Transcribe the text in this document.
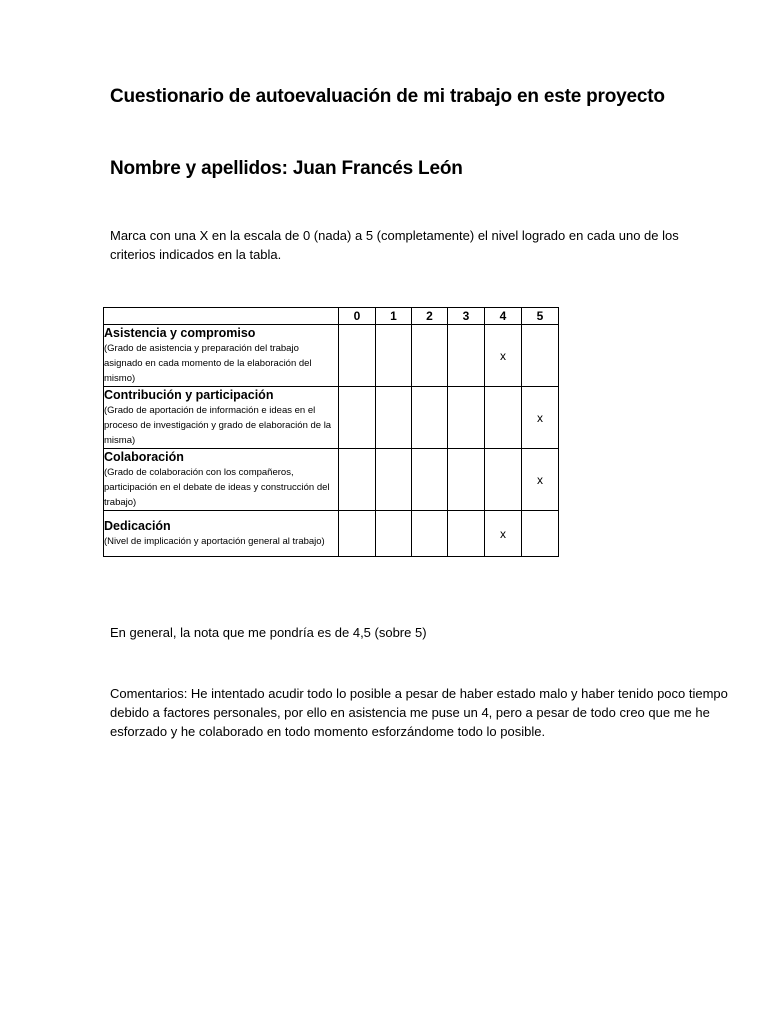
Cuestionario de autoevaluación de mi trabajo en este proyecto
Nombre y apellidos: Juan Francés León

Marca con una X en la escala de 0 (nada) a 5 (completamente) el nivel logrado en cada uno de los criterios indicados en la tabla.

	0	1	2	3	4	5

Asistencia y compromiso
(Grado de asistencia y preparación del trabajo asignado en cada momento de la elaboración del mismo)					x	

Contribución y participación
(Grado de aportación de información e ideas en el proceso de investigación y grado de elaboración de la misma)						x

Colaboración
(Grado de colaboración con los compañeros, participación en el debate de ideas y construcción del trabajo)						x

Dedicación
(Nivel de implicación y aportación general al trabajo)					x	

En general, la nota que me pondría es de 4,5 (sobre 5)

Comentarios: He intentado acudir todo lo posible a pesar de haber estado malo y haber tenido poco tiempo debido a factores personales, por ello en asistencia me puse un 4, pero a pesar de todo creo que me he esforzado y he colaborado en todo momento esforzándome todo lo posible.
